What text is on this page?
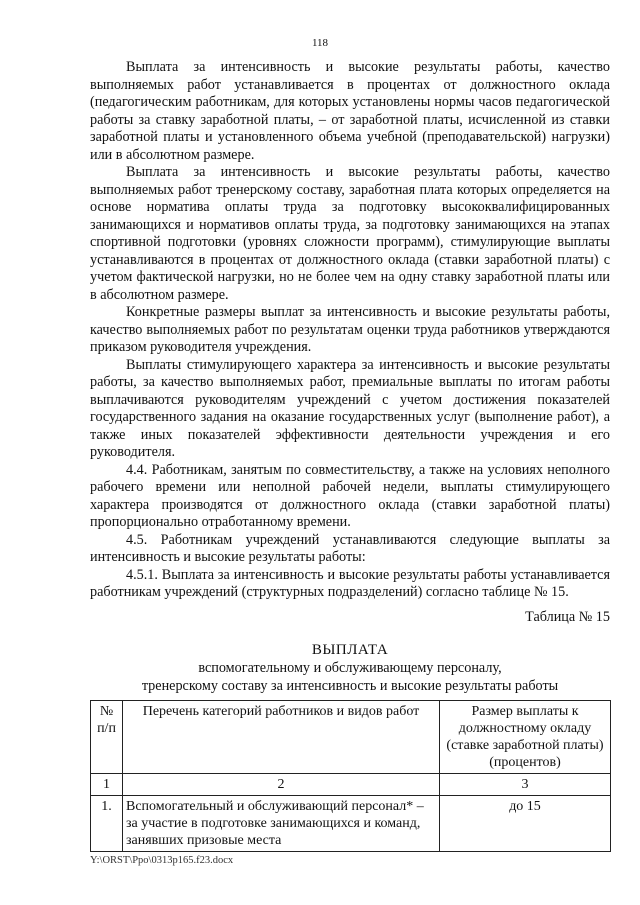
118

Выплата за интенсивность и высокие результаты работы, качество выполняемых работ устанавливается в процентах от должностного оклада (педагогическим работникам, для которых установлены нормы часов педагогической работы за ставку заработной платы, – от заработной платы, исчисленной из ставки заработной платы и установленного объема учебной (преподавательской) нагрузки) или в абсолютном размере.

Выплата за интенсивность и высокие результаты работы, качество выполняемых работ тренерскому составу, заработная плата которых определяется на основе норматива оплаты труда за подготовку высококвалифицированных занимающихся и нормативов оплаты труда, за подготовку занимающихся на этапах спортивной подготовки (уровнях сложности программ), стимулирующие выплаты устанавливаются в процентах от должностного оклада (ставки заработной платы) с учетом фактической нагрузки, но не более чем на одну ставку заработной платы или в абсолютном размере.

Конкретные размеры выплат за интенсивность и высокие результаты работы, качество выполняемых работ по результатам оценки труда работников утверждаются приказом руководителя учреждения.

Выплаты стимулирующего характера за интенсивность и высокие результаты работы, за качество выполняемых работ, премиальные выплаты по итогам работы выплачиваются руководителям учреждений с учетом достижения показателей государственного задания на оказание государственных услуг (выполнение работ), а также иных показателей эффективности деятельности учреждения и его руководителя.

4.4. Работникам, занятым по совместительству, а также на условиях неполного рабочего времени или неполной рабочей недели, выплаты стимулирующего характера производятся от должностного оклада (ставки заработной платы) пропорционально отработанному времени.

4.5. Работникам учреждений устанавливаются следующие выплаты за интенсивность и высокие результаты работы:

4.5.1. Выплата за интенсивность и высокие результаты работы устанавливается работникам учреждений (структурных подразделений) согласно таблице № 15.

Таблица № 15
ВЫПЛАТА
вспомогательному и обслуживающему персоналу,
тренерскому составу за интенсивность и высокие результаты работы
№ п/п	Перечень категорий работников и видов работ	Размер выплаты к должностному окладу (ставке заработной платы) (процентов)
1	2	3
1.	Вспомогательный и обслуживающий персонал* – за участие в подготовке занимающихся и команд, занявших призовые места	до 15
Y:\ORST\Ppo\0313p165.f23.docx
